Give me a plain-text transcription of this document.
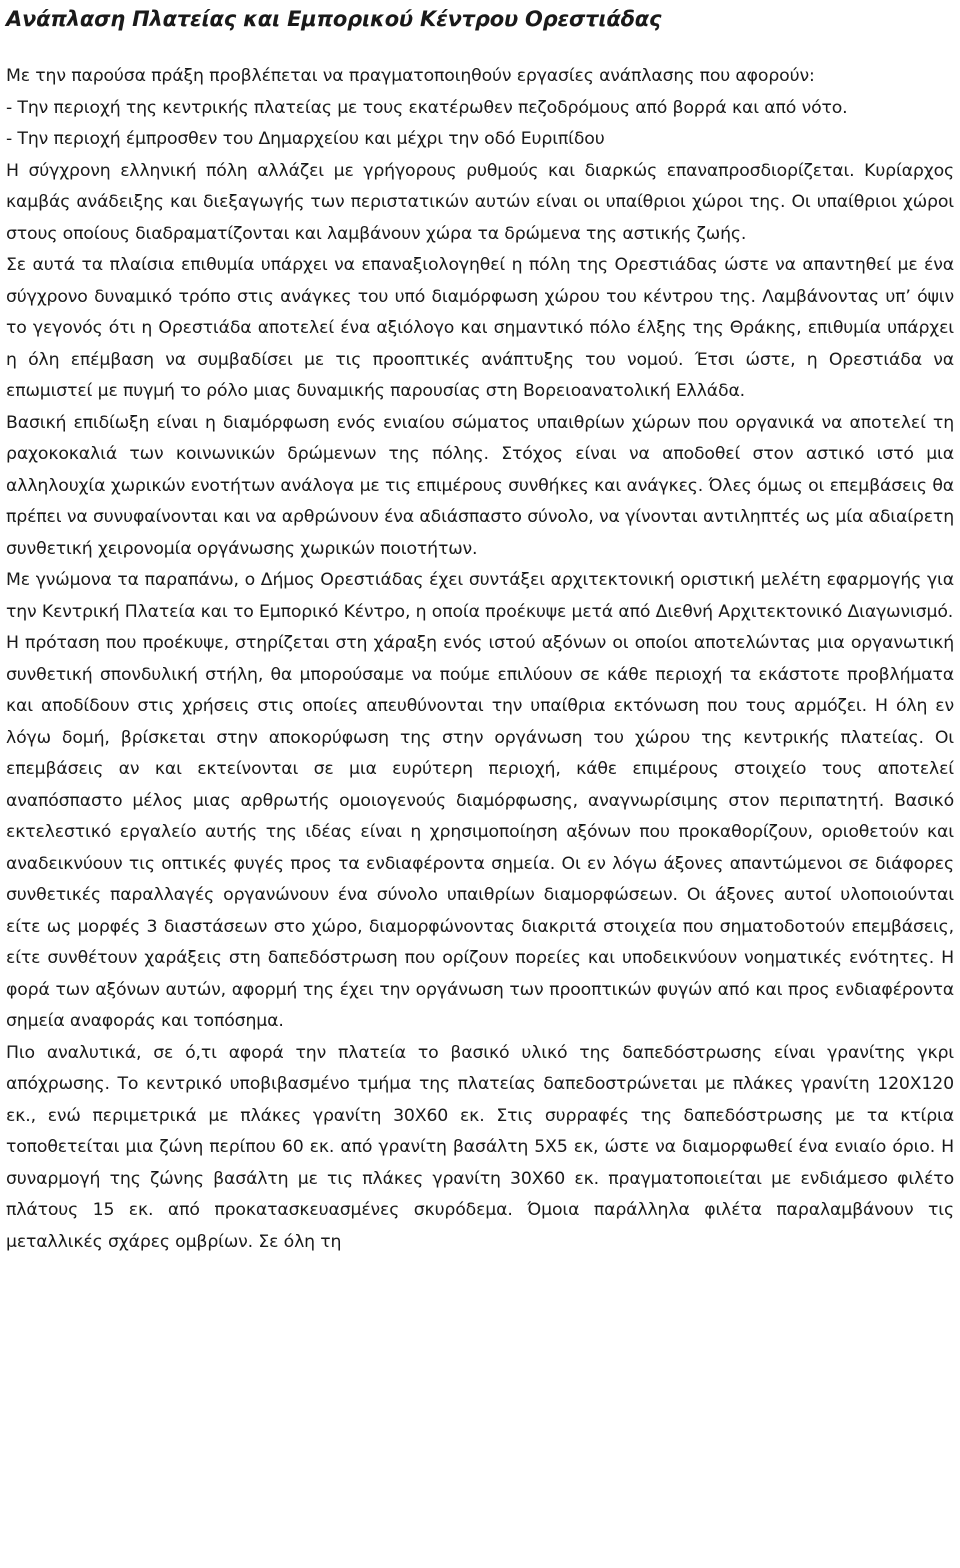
Ανάπλαση Πλατείας και Εμπορικού Κέντρου Ορεστιάδας
Με την παρούσα πράξη προβλέπεται να πραγματοποιηθούν εργασίες ανάπλασης που αφορούν:
- Την περιοχή της κεντρικής πλατείας με τους εκατέρωθεν πεζοδρόμους από βορρά και από νότο.
- Την περιοχή έμπροσθεν του Δημαρχείου και μέχρι την οδό Ευριπίδου

Η σύγχρονη ελληνική πόλη αλλάζει με γρήγορους ρυθμούς και διαρκώς επαναπροσδιορίζεται. Κυρίαρχος καμβάς ανάδειξης και διεξαγωγής των περιστατικών αυτών είναι οι υπαίθριοι χώροι της. Οι υπαίθριοι χώροι στους οποίους διαδραματίζονται και λαμβάνουν χώρα τα δρώμενα της αστικής ζωής.

Σε αυτά τα πλαίσια επιθυμία υπάρχει να επαναξιολογηθεί η πόλη της Ορεστιάδας ώστε να απαντηθεί με ένα σύγχρονο δυναμικό τρόπο στις ανάγκες του υπό διαμόρφωση χώρου του κέντρου της. Λαμβάνοντας υπ’ όψιν το γεγονός ότι η Ορεστιάδα αποτελεί ένα αξιόλογο και σημαντικό πόλο έλξης της Θράκης, επιθυμία υπάρχει η όλη επέμβαση να συμβαδίσει με τις προοπτικές ανάπτυξης του νομού. Έτσι ώστε, η Ορεστιάδα να επωμιστεί με πυγμή το ρόλο μιας δυναμικής παρουσίας στη Βορειοανατολική Ελλάδα.

Βασική επιδίωξη είναι η διαμόρφωση ενός ενιαίου σώματος υπαιθρίων χώρων που οργανικά να αποτελεί τη ραχοκοκαλιά των κοινωνικών δρώμενων της πόλης. Στόχος είναι να αποδοθεί στον αστικό ιστό μια αλληλουχία χωρικών ενοτήτων ανάλογα με τις επιμέρους συνθήκες και ανάγκες. Όλες όμως οι επεμβάσεις θα πρέπει να συνυφαίνονται και να αρθρώνουν ένα αδιάσπαστο σύνολο, να γίνονται αντιληπτές ως μία αδιαίρετη συνθετική χειρονομία οργάνωσης χωρικών ποιοτήτων.

Με γνώμονα τα παραπάνω, ο Δήμος Ορεστιάδας έχει συντάξει αρχιτεκτονική οριστική μελέτη εφαρμογής για την Κεντρική Πλατεία και το Εμπορικό Κέντρο, η οποία προέκυψε μετά από Διεθνή Αρχιτεκτονικό Διαγωνισμό.

Η πρόταση που προέκυψε, στηρίζεται στη χάραξη ενός ιστού αξόνων οι οποίοι αποτελώντας μια οργανωτική συνθετική σπονδυλική στήλη, θα μπορούσαμε να πούμε επιλύουν σε κάθε περιοχή τα εκάστοτε προβλήματα και αποδίδουν στις χρήσεις στις οποίες απευθύνονται την υπαίθρια εκτόνωση που τους αρμόζει. Η όλη εν λόγω δομή, βρίσκεται στην αποκορύφωση της στην οργάνωση του χώρου της κεντρικής πλατείας. Οι επεμβάσεις αν και εκτείνονται σε μια ευρύτερη περιοχή, κάθε επιμέρους στοιχείο τους αποτελεί αναπόσπαστο μέλος μιας αρθρωτής ομοιογενούς διαμόρφωσης, αναγνωρίσιμης στον περιπατητή. Βασικό εκτελεστικό εργαλείο αυτής της ιδέας είναι η χρησιμοποίηση αξόνων που προκαθορίζουν, οριοθετούν και αναδεικνύουν τις οπτικές φυγές προς τα ενδιαφέροντα σημεία. Οι εν λόγω άξονες απαντώμενοι σε διάφορες συνθετικές παραλλαγές οργανώνουν ένα σύνολο υπαιθρίων διαμορφώσεων. Οι άξονες αυτοί υλοποιούνται είτε ως μορφές 3 διαστάσεων στο χώρο, διαμορφώνοντας διακριτά στοιχεία που σηματοδοτούν επεμβάσεις, είτε συνθέτουν χαράξεις στη δαπεδόστρωση που ορίζουν πορείες και υποδεικνύουν νοηματικές ενότητες. Η φορά των αξόνων αυτών, αφορμή της έχει την οργάνωση των προοπτικών φυγών από και προς ενδιαφέροντα σημεία αναφοράς και τοπόσημα.

Πιο αναλυτικά, σε ό,τι αφορά την πλατεία το βασικό υλικό της δαπεδόστρωσης είναι γρανίτης γκρι απόχρωσης. Το κεντρικό υποβιβασμένο τμήμα της πλατείας δαπεδοστρώνεται με πλάκες γρανίτη 120Χ120 εκ., ενώ περιμετρικά με πλάκες γρανίτη 30Χ60 εκ. Στις συρραφές της δαπεδόστρωσης με τα κτίρια τοποθετείται μια ζώνη περίπου 60 εκ. από γρανίτη βασάλτη 5Χ5 εκ, ώστε να διαμορφωθεί ένα ενιαίο όριο. Η συναρμογή της ζώνης βασάλτη με τις πλάκες γρανίτη 30Χ60 εκ. πραγματοποιείται με ενδιάμεσο φιλέτο πλάτους 15 εκ. από προκατασκευασμένες σκυρόδεμα. Όμοια παράλληλα φιλέτα παραλαμβάνουν τις μεταλλικές σχάρες ομβρίων. Σε όλη τη
